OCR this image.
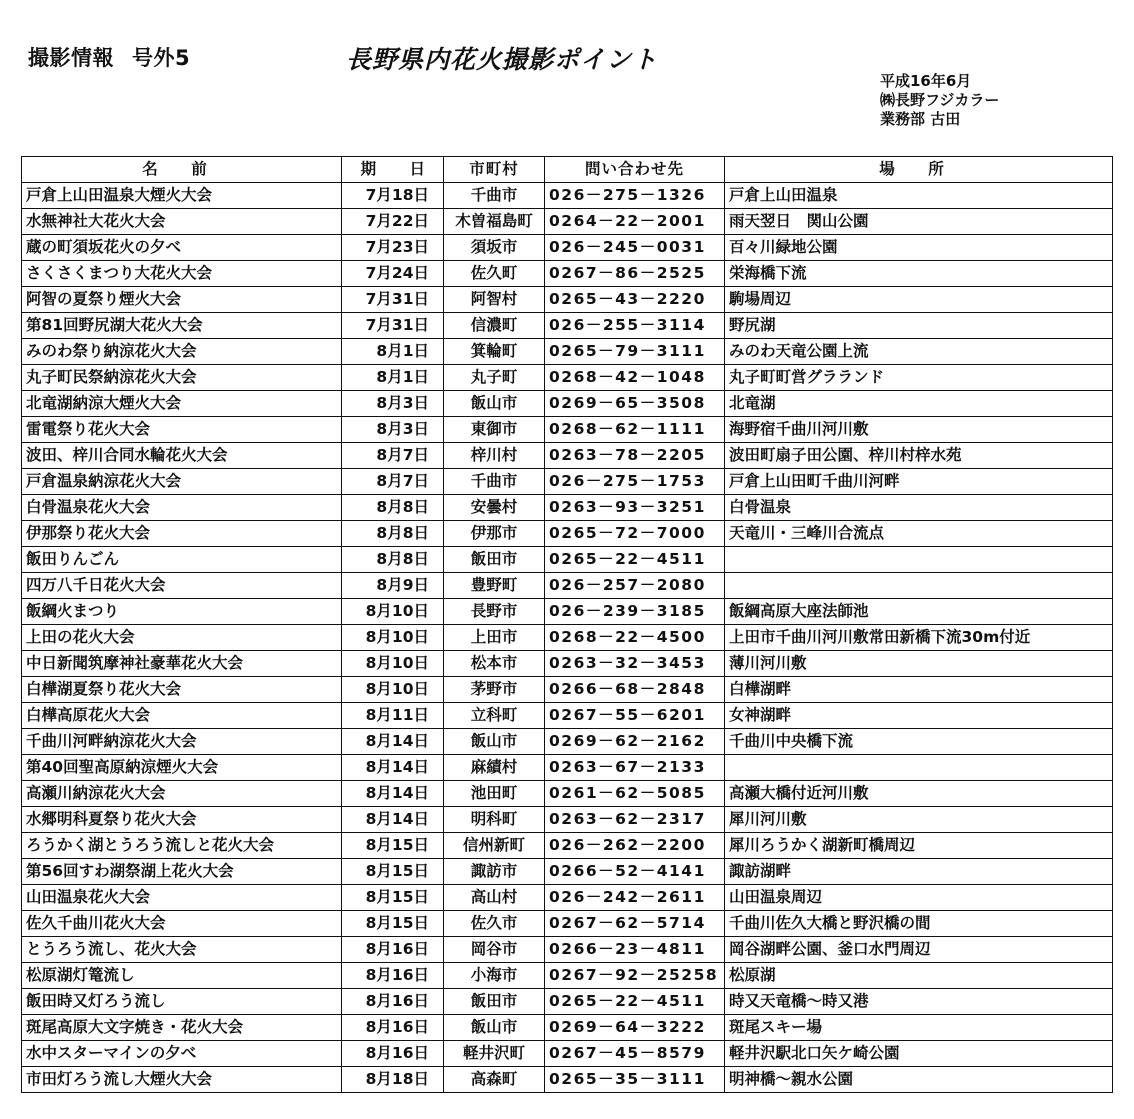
撮影情報 号外5	長野県内花火撮影ポイント
平成16年6月
㈱長野フジカラー
業務部 古田
名 前	期 日	市町村	問い合わせ先	場 所
戸倉上山田温泉大煙火大会	7月18日	千曲市	026－275－1326	戸倉上山田温泉
水無神社大花火大会	7月22日	木曽福島町	0264－22－2001	雨天翌日　関山公園
蔵の町須坂花火の夕べ	7月23日	須坂市	026－245－0031	百々川緑地公園
さくさくまつり大花火大会	7月24日	佐久町	0267－86－2525	栄海橋下流
阿智の夏祭り煙火大会	7月31日	阿智村	0265－43－2220	駒場周辺
第81回野尻湖大花火大会	7月31日	信濃町	026－255－3114	野尻湖
みのわ祭り納涼花火大会	8月1日	箕輪町	0265－79－3111	みのわ天竜公園上流
丸子町民祭納涼花火大会	8月1日	丸子町	0268－42－1048	丸子町町営グラランド
北竜湖納涼大煙火大会	8月3日	飯山市	0269－65－3508	北竜湖
雷電祭り花火大会	8月3日	東御市	0268－62－1111	海野宿千曲川河川敷
波田、梓川合同水輪花火大会	8月7日	梓川村	0263－78－2205	波田町扇子田公園、梓川村梓水苑
戸倉温泉納涼花火大会	8月7日	千曲市	026－275－1753	戸倉上山田町千曲川河畔
白骨温泉花火大会	8月8日	安曇村	0263－93－3251	白骨温泉
伊那祭り花火大会	8月8日	伊那市	0265－72－7000	天竜川・三峰川合流点
飯田りんごん	8月8日	飯田市	0265－22－4511	
四万八千日花火大会	8月9日	豊野町	026－257－2080	
飯綱火まつり	8月10日	長野市	026－239－3185	飯綱高原大座法師池
上田の花火大会	8月10日	上田市	0268－22－4500	上田市千曲川河川敷常田新橋下流30m付近
中日新聞筑摩神社豪華花火大会	8月10日	松本市	0263－32－3453	薄川河川敷
白樺湖夏祭り花火大会	8月10日	茅野市	0266－68－2848	白樺湖畔
白樺高原花火大会	8月11日	立科町	0267－55－6201	女神湖畔
千曲川河畔納涼花火大会	8月14日	飯山市	0269－62－2162	千曲川中央橋下流
第40回聖高原納涼煙火大会	8月14日	麻績村	0263－67－2133	
高瀬川納涼花火大会	8月14日	池田町	0261－62－5085	高瀬大橋付近河川敷
水郷明科夏祭り花火大会	8月14日	明科町	0263－62－2317	犀川河川敷
ろうかく湖とうろう流しと花火大会	8月15日	信州新町	026－262－2200	犀川ろうかく湖新町橋周辺
第56回すわ湖祭湖上花火大会	8月15日	諏訪市	0266－52－4141	諏訪湖畔
山田温泉花火大会	8月15日	高山村	026－242－2611	山田温泉周辺
佐久千曲川花火大会	8月15日	佐久市	0267－62－5714	千曲川佐久大橋と野沢橋の間
とうろう流し、花火大会	8月16日	岡谷市	0266－23－4811	岡谷湖畔公園、釜口水門周辺
松原湖灯篭流し	8月16日	小海市	0267－92－25258	松原湖
飯田時又灯ろう流し	8月16日	飯田市	0265－22－4511	時又天竜橋～時又港
斑尾高原大文字焼き・花火大会	8月16日	飯山市	0269－64－3222	斑尾スキー場
水中スターマインの夕べ	8月16日	軽井沢町	0267－45－8579	軽井沢駅北口矢ケ崎公園
市田灯ろう流し大煙火大会	8月18日	高森町	0265－35－3111	明神橋～親水公園
